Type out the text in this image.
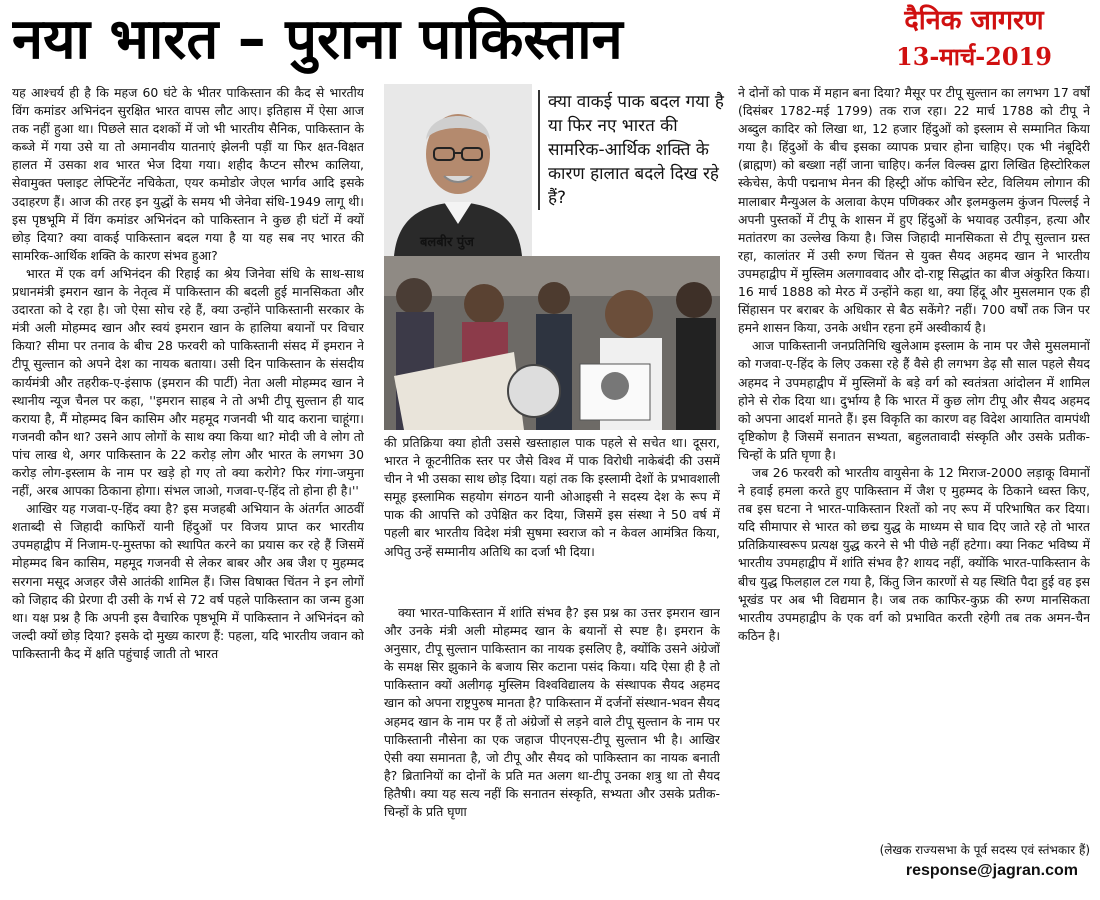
नया भारत – पुराना पाकिस्तान	दैनिक जागरण
13-मार्च-2019

यह आश्चर्य ही है कि महज 60 घंटे के भीतर पाकिस्तान की कैद से भारतीय विंग कमांडर अभिनंदन सुरक्षित भारत वापस लौट आए। इतिहास में ऐसा आज तक नहीं हुआ था। पिछले सात दशकों में जो भी भारतीय सैनिक, पाकिस्तान के कब्जे में गया उसे या तो अमानवीय यातनाएं झेलनी पड़ीं या फिर क्षत-विक्षत हालत में उसका शव भारत भेज दिया गया। शहीद कैप्टन सौरभ कालिया, सेवामुक्त फ्लाइट लेफ्टिनेंट नचिकेता, एयर कमोडोर जेएल भार्गव आदि इसके उदाहरण हैं। आज की तरह इन युद्धों के समय भी जेनेवा संधि-1949 लागू थी। इस पृष्ठभूमि में विंग कमांडर अभिनंदन को पाकिस्तान ने कुछ ही घंटों में क्यों छोड़ दिया? क्या वाकई पाकिस्तान बदल गया है या यह सब नए भारत की सामरिक-आर्थिक शक्ति के कारण संभव हुआ?

भारत में एक वर्ग अभिनंदन की रिहाई का श्रेय जिनेवा संधि के साथ-साथ प्रधानमंत्री इमरान खान के नेतृत्व में पाकिस्तान की बदली हुई मानसिकता और उदारता को दे रहा है। जो ऐसा सोच रहे हैं, क्या उन्होंने पाकिस्तानी सरकार के मंत्री अली मोहम्मद खान और स्वयं इमरान खान के हालिया बयानों पर विचार किया? सीमा पर तनाव के बीच 28 फरवरी को पाकिस्तानी संसद में इमरान ने टीपू सुल्तान को अपने देश का नायक बताया। उसी दिन पाकिस्तान के संसदीय कार्यमंत्री और तहरीक-ए-इंसाफ (इमरान की पार्टी) नेता अली मोहम्मद खान ने स्थानीय न्यूज चैनल पर कहा, ''इमरान साहब ने तो अभी टीपू सुल्तान ही याद कराया है, मैं मोहम्मद बिन कासिम और महमूद गजनवी भी याद कराना चाहूंगा। गजनवी कौन था? उसने आप लोगों के साथ क्या किया था? मोदी जी वे लोग तो पांच लाख थे, अगर पाकिस्तान के 22 करोड़ लोग और भारत के लगभग 30 करोड़ लोग-इस्लाम के नाम पर खड़े हो गए तो क्या करोगे? फिर गंगा-जमुना नहीं, अरब आपका ठिकाना होगा। संभल जाओ, गजवा-ए-हिंद तो होना ही है।''

आखिर यह गजवा-ए-हिंद क्या है? इस मजहबी अभियान के अंतर्गत आठवीं शताब्दी से जिहादी काफिरों यानी हिंदुओं पर विजय प्राप्त कर भारतीय उपमहाद्वीप में निजाम-ए-मुस्तफा को स्थापित करने का प्रयास कर रहे हैं जिसमें मोहम्मद बिन कासिम, महमूद गजनवी से लेकर बाबर और अब जैश ए मुहम्मद सरगना मसूद अजहर जैसे आतंकी शामिल हैं। जिस विषाक्त चिंतन ने इन लोगों को जिहाद की प्रेरणा दी उसी के गर्भ से 72 वर्ष पहले पाकिस्तान का जन्म हुआ था। यक्ष प्रश्न है कि अपनी इस वैचारिक पृष्ठभूमि में पाकिस्तान ने अभिनंदन को जल्दी क्यों छोड़ दिया? इसके दो मुख्य कारण हैं: पहला, यदि भारतीय जवान को पाकिस्तानी कैद में क्षति पहुंचाई जाती तो भारत

बलबीर पुंज
क्या वाकई पाक बदल गया है या फिर नए भारत की सामरिक-आर्थिक शक्ति के कारण हालात बदले दिख रहे हैं?

की प्रतिक्रिया क्या होती उससे खस्ताहाल पाक पहले से सचेत था। दूसरा, भारत ने कूटनीतिक स्तर पर जैसे विश्व में पाक विरोधी नाकेबंदी की उसमें चीन ने भी उसका साथ छोड़ दिया। यहां तक कि इस्लामी देशों के प्रभावशाली समूह इस्लामिक सहयोग संगठन यानी ओआइसी ने सदस्य देश के रूप में पाक की आपत्ति को उपेक्षित कर दिया, जिसमें इस संस्था ने 50 वर्ष में पहली बार भारतीय विदेश मंत्री सुषमा स्वराज को न केवल आमंत्रित किया, अपितु उन्हें सम्मानीय अतिथि का दर्जा भी दिया।

क्या भारत-पाकिस्तान में शांति संभव है? इस प्रश्न का उत्तर इमरान खान और उनके मंत्री अली मोहम्मद खान के बयानों से स्पष्ट है। इमरान के अनुसार, टीपू सुल्तान पाकिस्तान का नायक इसलिए है, क्योंकि उसने अंग्रेजों के समक्ष सिर झुकाने के बजाय सिर कटाना पसंद किया। यदि ऐसा ही है तो पाकिस्तान क्यों अलीगढ़ मुस्लिम विश्वविद्यालय के संस्थापक सैयद अहमद खान को अपना राष्ट्रपुरुष मानता है? पाकिस्तान में दर्जनों संस्थान-भवन सैयद अहमद खान के नाम पर हैं तो अंग्रेजों से लड़ने वाले टीपू सुल्तान के नाम पर पाकिस्तानी नौसेना का एक जहाज पीएनएस-टीपू सुल्तान भी है। आखिर ऐसी क्या समानता है, जो टीपू और सैयद को पाकिस्तान का नायक बनाती है? ब्रितानियों का दोनों के प्रति मत अलग था-टीपू उनका शत्रु था तो सैयद हितैषी। क्या यह सत्य नहीं कि सनातन संस्कृति, सभ्यता और उसके प्रतीक-चिन्हों के प्रति घृणा

ने दोनों को पाक में महान बना दिया? मैसूर पर टीपू सुल्तान का लगभग 17 वर्षों (दिसंबर 1782-मई 1799) तक राज रहा। 22 मार्च 1788 को टीपू ने अब्दुल कादिर को लिखा था, 12 हजार हिंदुओं को इस्लाम से सम्मानित किया गया है। हिंदुओं के बीच इसका व्यापक प्रचार होना चाहिए। एक भी नंबूदिरी (ब्राह्मण) को बख्शा नहीं जाना चाहिए। कर्नल विल्क्स द्वारा लिखित हिस्टोरिकल स्केचेस, केपी पद्मनाभ मेनन की हिस्ट्री ऑफ कोचिन स्टेट, विलियम लोगान की मालाबार मैन्युअल के अलावा केएम पणिक्कर और इलमकुलम कुंजन पिल्लई ने अपनी पुस्तकों में टीपू के शासन में हुए हिंदुओं के भयावह उत्पीड़न, हत्या और मतांतरण का उल्लेख किया है। जिस जिहादी मानसिकता से टीपू सुल्तान ग्रस्त रहा, कालांतर में उसी रुग्ण चिंतन से युक्त सैयद अहमद खान ने भारतीय उपमहाद्वीप में मुस्लिम अलगाववाद और दो-राष्ट्र सिद्धांत का बीज अंकुरित किया। 16 मार्च 1888 को मेरठ में उन्होंने कहा था, क्या हिंदू और मुसलमान एक ही सिंहासन पर बराबर के अधिकार से बैठ सकेंगे? नहीं। 700 वर्षों तक जिन पर हमने शासन किया, उनके अधीन रहना हमें अस्वीकार्य है।

आज पाकिस्तानी जनप्रतिनिधि खुलेआम इस्लाम के नाम पर जैसे मुसलमानों को गजवा-ए-हिंद के लिए उकसा रहे हैं वैसे ही लगभग डेढ़ सौ साल पहले सैयद अहमद ने उपमहाद्वीप में मुस्लिमों के बड़े वर्ग को स्वतंत्रता आंदोलन में शामिल होने से रोक दिया था। दुर्भाग्य है कि भारत में कुछ लोग टीपू और सैयद अहमद को अपना आदर्श मानते हैं। इस विकृति का कारण वह विदेश आयातित वामपंथी दृष्टिकोण है जिसमें सनातन सभ्यता, बहुलतावादी संस्कृति और उसके प्रतीक-चिन्हों के प्रति घृणा है।

जब 26 फरवरी को भारतीय वायुसेना के 12 मिराज-2000 लड़ाकू विमानों ने हवाई हमला करते हुए पाकिस्तान में जैश ए मुहम्मद के ठिकाने ध्वस्त किए, तब इस घटना ने भारत-पाकिस्तान रिश्तों को नए रूप में परिभाषित कर दिया। यदि सीमापार से भारत को छद्म युद्ध के माध्यम से घाव दिए जाते रहे तो भारत प्रतिक्रियास्वरूप प्रत्यक्ष युद्ध करने से भी पीछे नहीं हटेगा। क्या निकट भविष्य में भारतीय उपमहाद्वीप में शांति संभव है? शायद नहीं, क्योंकि भारत-पाकिस्तान के बीच युद्ध फिलहाल टल गया है, किंतु जिन कारणों से यह स्थिति पैदा हुई वह इस भूखंड पर अब भी विद्यमान है। जब तक काफिर-कुफ्र की रुग्ण मानसिकता भारतीय उपमहाद्वीप के एक वर्ग को प्रभावित करती रहेगी तब तक अमन-चैन कठिन है।

(लेखक राज्यसभा के पूर्व सदस्य एवं स्तंभकार हैं)
response@jagran.com
